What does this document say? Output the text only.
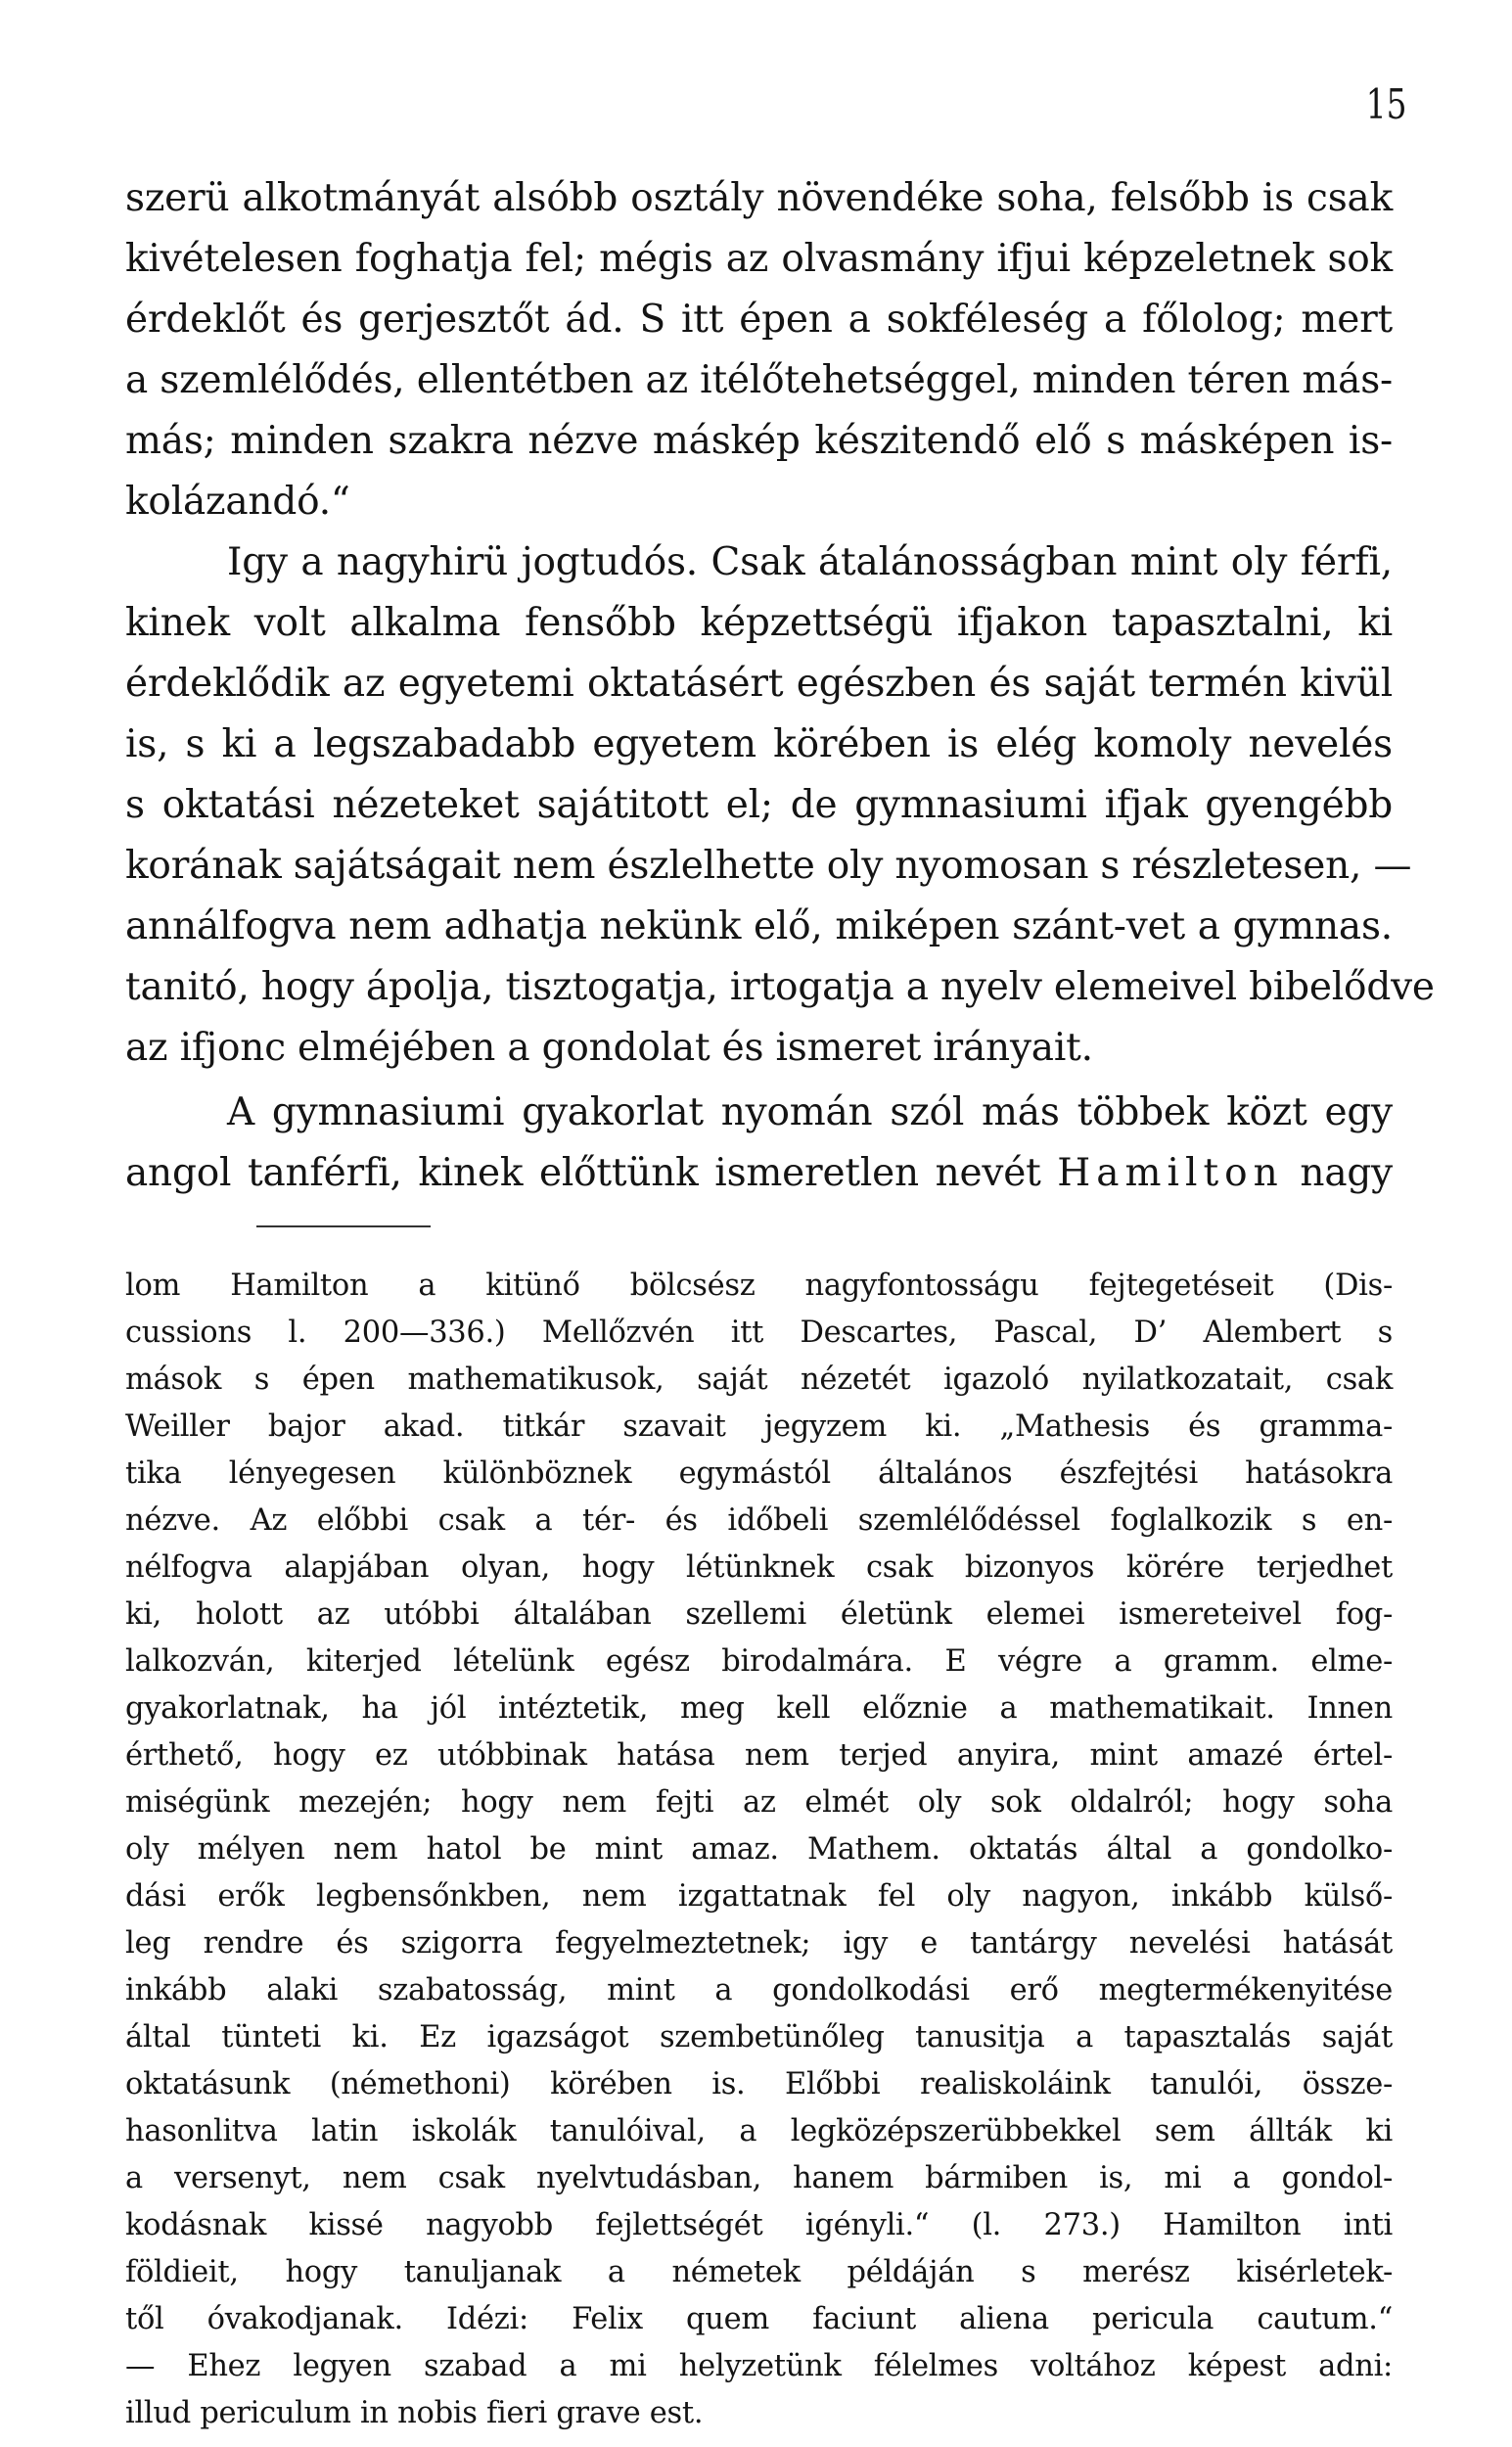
15
szerü alkotmányát alsóbb osztály növendéke soha, felsőbb is csak
kivételesen foghatja fel; mégis az olvasmány ifjui képzeletnek sok
érdeklőt és gerjesztőt ád. S itt épen a sokféleség a főlolog; mert
a szemlélődés, ellentétben az itélőtehetséggel, minden téren más-
más; minden szakra nézve máskép készitendő elő s másképen is-
kolázandó.“
Igy a nagyhirü jogtudós. Csak átalánosságban mint oly férfi,
kinek volt alkalma fensőbb képzettségü ifjakon tapasztalni, ki
érdeklődik az egyetemi oktatásért egészben és saját termén kivül
is, s ki a legszabadabb egyetem körében is elég komoly nevelés
s oktatási nézeteket sajátitott el; de gymnasiumi ifjak gyengébb
korának sajátságait nem észlelhette oly nyomosan s részletesen, —
annálfogva nem adhatja nekünk elő, miképen szánt-vet a gymnas.
tanitó, hogy ápolja, tisztogatja, irtogatja a nyelv elemeivel bibelődve
az ifjonc elméjében a gondolat és ismeret irányait.
A gymnasiumi gyakorlat nyomán szól más többek közt egy
angol tanférfi, kinek előttünk ismeretlen nevét Hamilton nagy
lom Hamilton a kitünő bölcsész nagyfontosságu fejtegetéseit (Dis-
cussions l. 200—336.) Mellőzvén itt Descartes, Pascal, D’ Alembert s
mások s épen mathematikusok, saját nézetét igazoló nyilatkozatait, csak
Weiller bajor akad. titkár szavait jegyzem ki. „Mathesis és gramma-
tika lényegesen különböznek egymástól általános észfejtési hatásokra
nézve. Az előbbi csak a tér- és időbeli szemlélődéssel foglalkozik s en-
nélfogva alapjában olyan, hogy létünknek csak bizonyos körére terjedhet
ki, holott az utóbbi általában szellemi életünk elemei ismereteivel fog-
lalkozván, kiterjed lételünk egész birodalmára. E végre a gramm. elme-
gyakorlatnak, ha jól intéztetik, meg kell előznie a mathematikait. Innen
érthető, hogy ez utóbbinak hatása nem terjed anyira, mint amazé értel-
miségünk mezején; hogy nem fejti az elmét oly sok oldalról; hogy soha
oly mélyen nem hatol be mint amaz. Mathem. oktatás által a gondolko-
dási erők legbensőnkben, nem izgattatnak fel oly nagyon, inkább külső-
leg rendre és szigorra fegyelmeztetnek; igy e tantárgy nevelési hatását
inkább alaki szabatosság, mint a gondolkodási erő megtermékenyitése
által tünteti ki. Ez igazságot szembetünőleg tanusitja a tapasztalás saját
oktatásunk (némethoni) körében is. Előbbi realiskoláink tanulói, össze-
hasonlitva latin iskolák tanulóival, a legközépszerübbekkel sem állták ki
a versenyt, nem csak nyelvtudásban, hanem bármiben is, mi a gondol-
kodásnak kissé nagyobb fejlettségét igényli.“ (l. 273.) Hamilton inti
földieit, hogy tanuljanak a németek példáján s merész kisérletek-
től óvakodjanak. Idézi: Felix quem faciunt aliena pericula cautum.“
— Ehez legyen szabad a mi helyzetünk félelmes voltához képest adni:
illud periculum in nobis fieri grave est.
